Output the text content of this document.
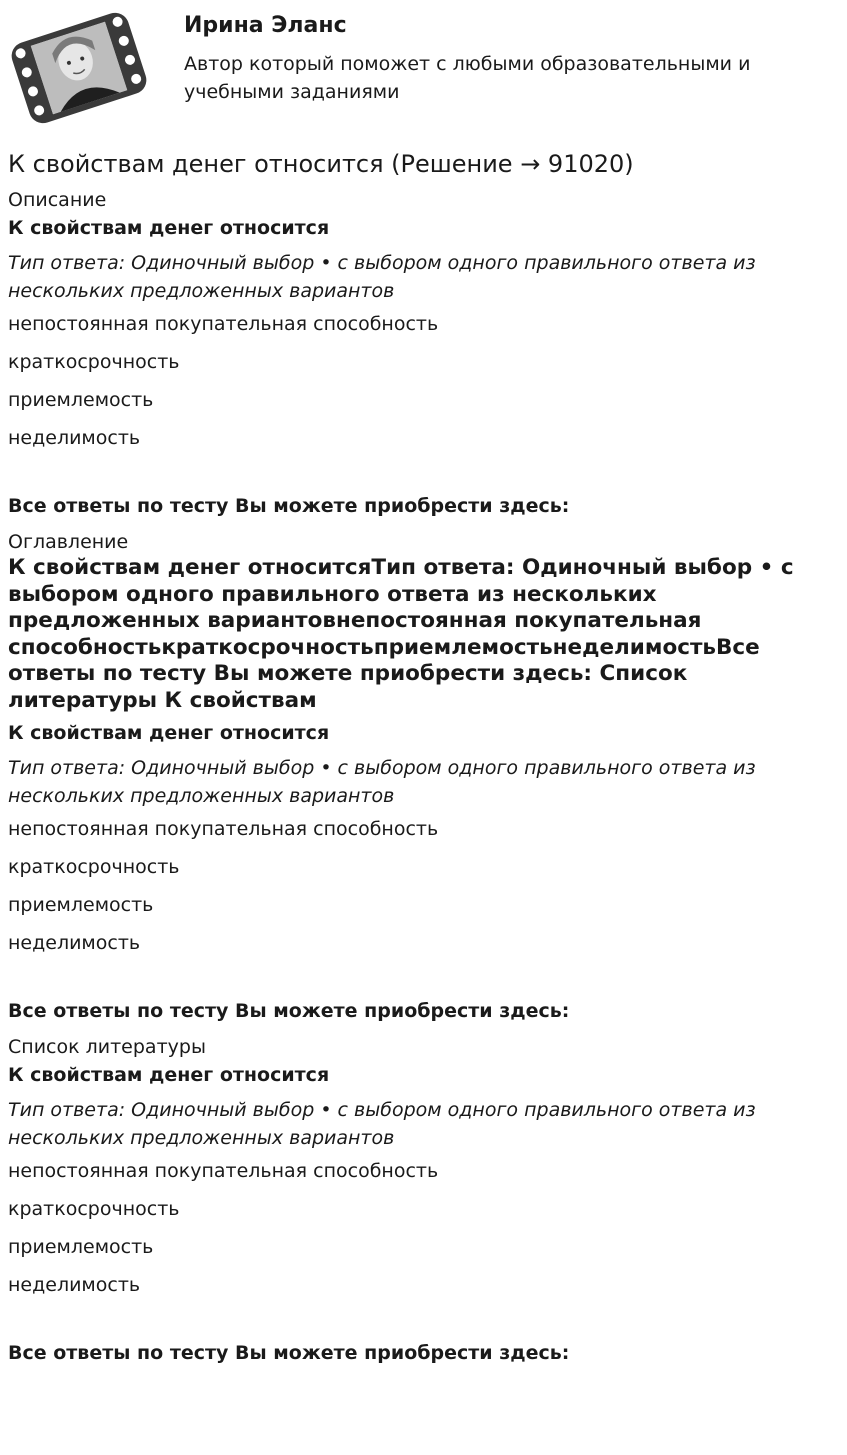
Ирина Эланс
Автор который поможет с любыми образовательными и учебными заданиями
К свойствам денег относится (Решение → 91020)

Описание

К свойствам денег относится

Тип ответа: Одиночный выбор • с выбором одного правильного ответа из нескольких предложенных вариантов

непостоянная покупательная способность

краткосрочность

приемлемость

неделимость

Все ответы по тесту Вы можете приобрести здесь:

Оглавление

К свойствам денег относитсяТип ответа: Одиночный выбор • с выбором одного правильного ответа из нескольких предложенных вариантовнепостоянная покупательная способностькраткосрочностьприемлемостьнеделимостьВсе ответы по тесту Вы можете приобрести здесь: Список литературы К свойствам

К свойствам денег относится

Тип ответа: Одиночный выбор • с выбором одного правильного ответа из нескольких предложенных вариантов

непостоянная покупательная способность

краткосрочность

приемлемость

неделимость

Все ответы по тесту Вы можете приобрести здесь:

Список литературы

К свойствам денег относится

Тип ответа: Одиночный выбор • с выбором одного правильного ответа из нескольких предложенных вариантов

непостоянная покупательная способность

краткосрочность

приемлемость

неделимость

Все ответы по тесту Вы можете приобрести здесь:
